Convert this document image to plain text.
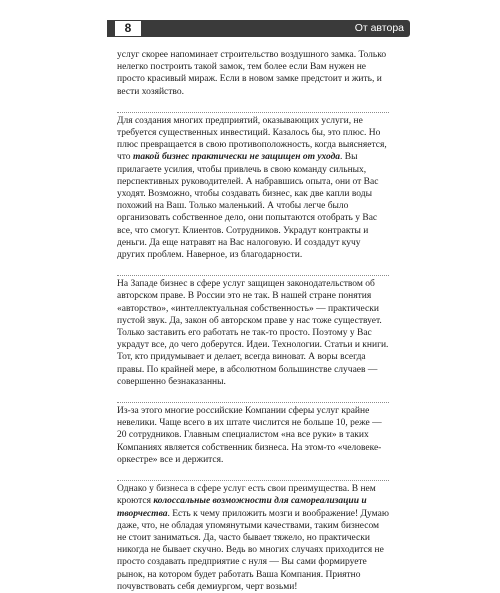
8	От автора

услуг скорее напоминает строительство воздушного замка. Только нелегко построить такой замок, тем более если Вам нужен не просто красивый мираж. Если в новом замке предстоит и жить, и вести хозяйство.

Для создания многих предприятий, оказывающих услуги, не требуется существенных инвестиций. Казалось бы, это плюс. Но плюс превращается в свою противоположность, когда выясняется, что такой бизнес практически не защищен от ухода. Вы прилагаете усилия, чтобы привлечь в свою команду сильных, перспективных руководителей. А набравшись опыта, они от Вас уходят. Возможно, чтобы создавать бизнес, как две капли воды похожий на Ваш. Только маленький. А чтобы легче было организовать собственное дело, они попытаются отобрать у Вас все, что смогут. Клиентов. Сотрудников. Украдут контракты и деньги. Да еще натравят на Вас налоговую. И создадут кучу других проблем. Наверное, из благодарности.

На Западе бизнес в сфере услуг защищен законодательством об авторском праве. В России это не так. В нашей стране понятия «авторство», «интеллектуальная собственность» — практически пустой звук. Да, закон об авторском праве у нас тоже существует. Только заставить его работать не так-то просто. Поэтому у Вас украдут все, до чего доберутся. Идеи. Технологии. Статьи и книги. Тот, кто придумывает и делает, всегда виноват. А воры всегда правы. По крайней мере, в абсолютном большинстве случаев — совершенно безнаказанны.

Из-за этого многие российские Компании сферы услуг крайне невелики. Чаще всего в их штате числится не больше 10, реже — 20 сотрудников. Главным специалистом «на все руки» в таких Компаниях является собственник бизнеса. На этом-то «человеке-оркестре» все и держится.

Однако у бизнеса в сфере услуг есть свои преимущества. В нем кроются колоссальные возможности для самореализации и творчества. Есть к чему приложить мозги и воображение! Думаю даже, что, не обладая упомянутыми качествами, таким бизнесом не стоит заниматься. Да, часто бывает тяжело, но практически никогда не бывает скучно. Ведь во многих случаях приходится не просто создавать предприятие с нуля — Вы сами формируете рынок, на котором будет работать Ваша Компания. Приятно почувствовать себя демиургом, черт возьми!
